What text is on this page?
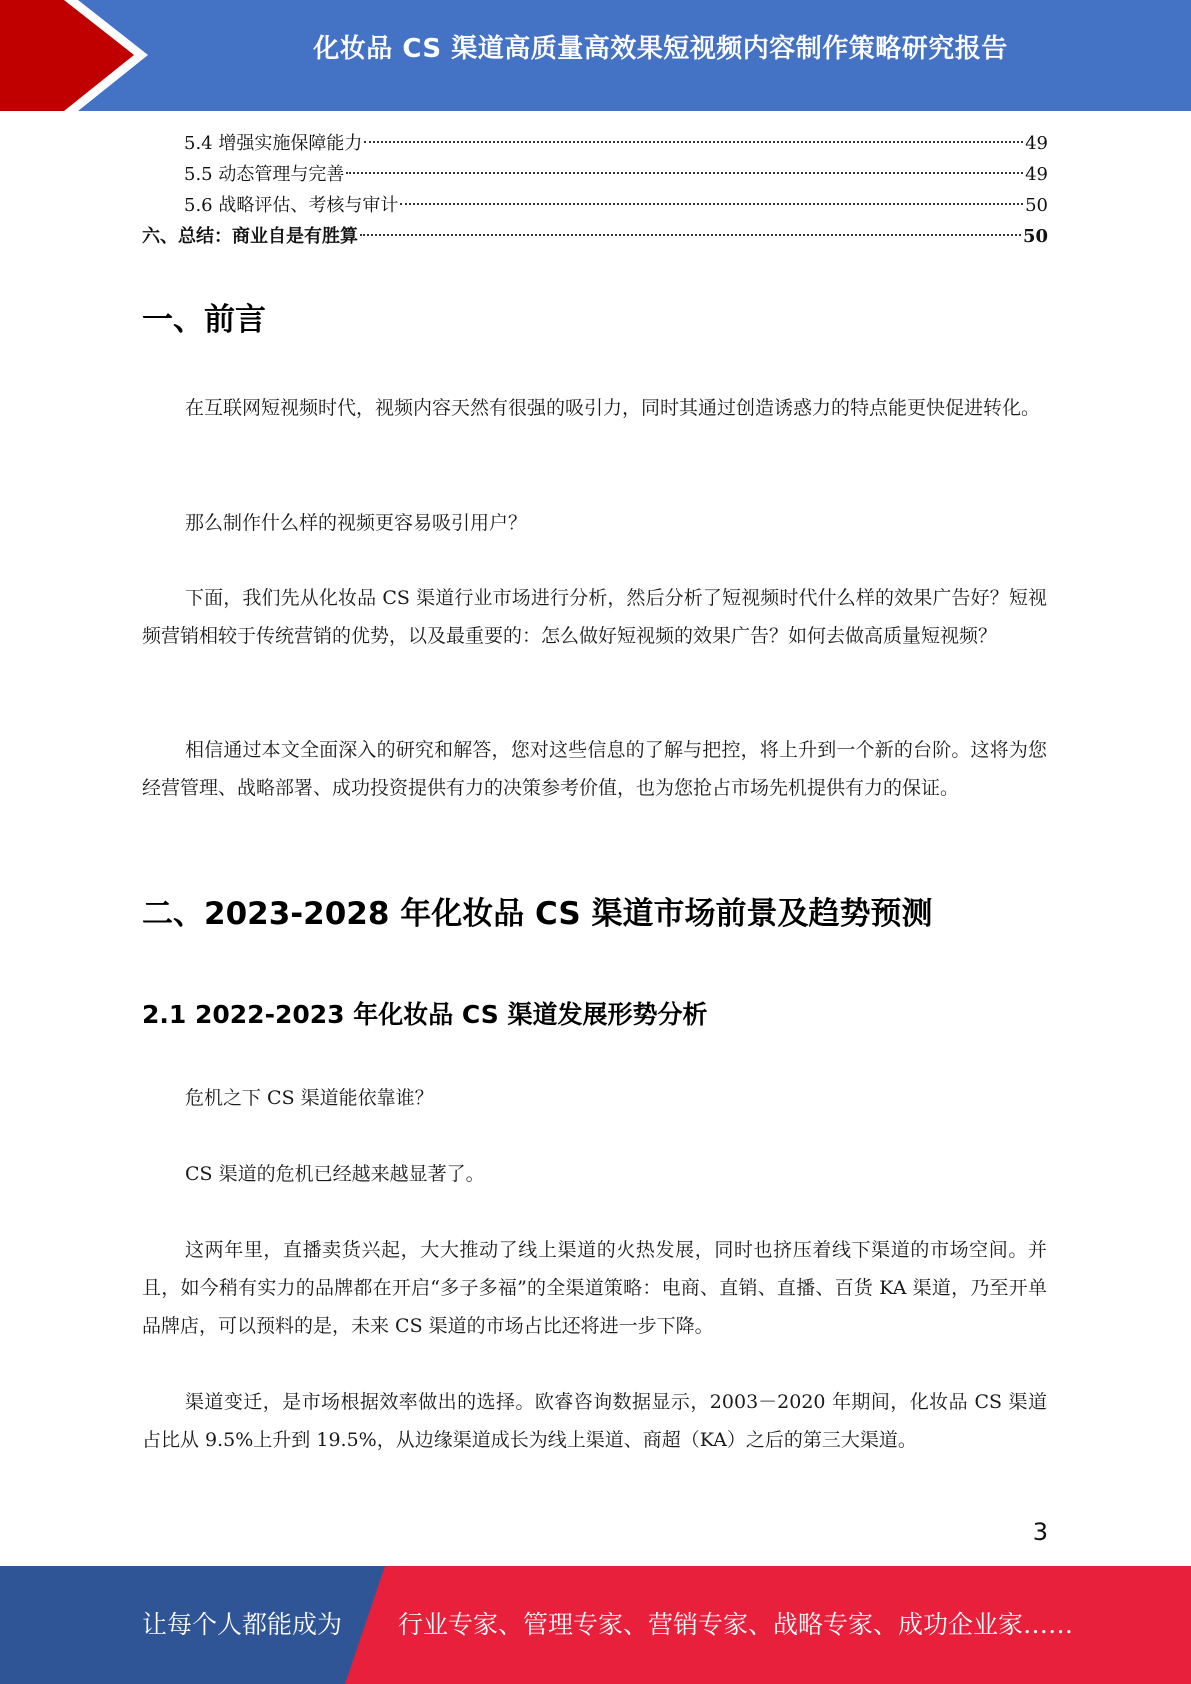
化妆品 CS 渠道高质量高效果短视频内容制作策略研究报告
5.4 增强实施保障能力	49
5.5 动态管理与完善	49
5.6 战略评估、考核与审计	50
六、总结：商业自是有胜算	50
一、前言

在互联网短视频时代，视频内容天然有很强的吸引力，同时其通过创造诱惑力的特点能更快促进转化。

那么制作什么样的视频更容易吸引用户？

下面，我们先从化妆品 CS 渠道行业市场进行分析，然后分析了短视频时代什么样的效果广告好？短视频营销相较于传统营销的优势，以及最重要的：怎么做好短视频的效果广告？如何去做高质量短视频？

相信通过本文全面深入的研究和解答，您对这些信息的了解与把控，将上升到一个新的台阶。这将为您经营管理、战略部署、成功投资提供有力的决策参考价值，也为您抢占市场先机提供有力的保证。

二、2023-2028 年化妆品 CS 渠道市场前景及趋势预测
2.1 2022-2023 年化妆品 CS 渠道发展形势分析

危机之下 CS 渠道能依靠谁？

CS 渠道的危机已经越来越显著了。

这两年里，直播卖货兴起，大大推动了线上渠道的火热发展，同时也挤压着线下渠道的市场空间。并且，如今稍有实力的品牌都在开启“多子多福”的全渠道策略：电商、直销、直播、百货 KA 渠道，乃至开单品牌店，可以预料的是，未来 CS 渠道的市场占比还将进一步下降。

渠道变迁，是市场根据效率做出的选择。欧睿咨询数据显示，2003－2020 年期间，化妆品 CS 渠道占比从 9.5%上升到 19.5%，从边缘渠道成长为线上渠道、商超（KA）之后的第三大渠道。

3
让每个人都能成为 行业专家、管理专家、营销专家、战略专家、成功企业家……
